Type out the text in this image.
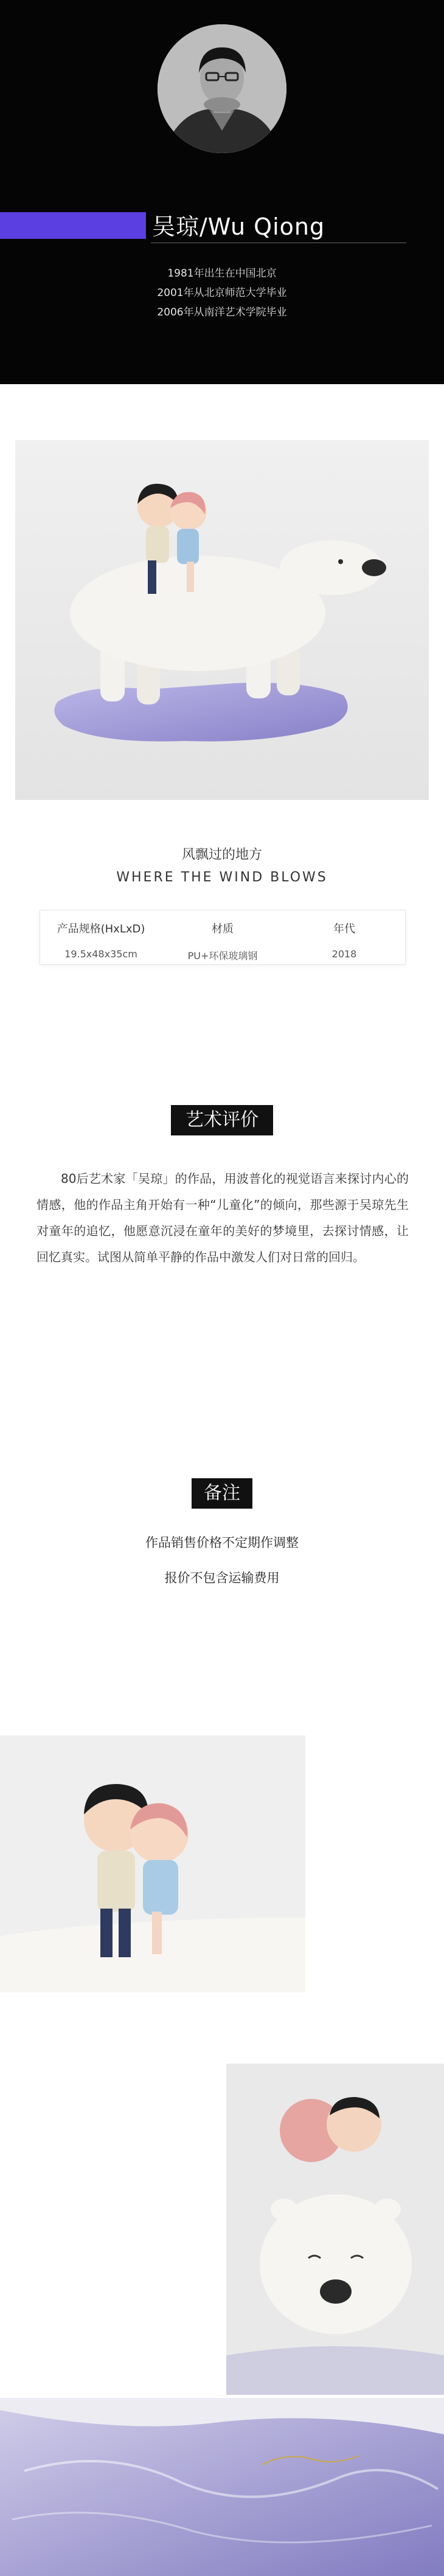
吴琼/Wu Qiong
1981年出生在中国北京
2001年从北京师范大学毕业
2006年从南洋艺术学院毕业
风飘过的地方
WHERE THE WIND BLOWS
产品规格(HxLxD)
19.5x48x35cm
材质
PU+环保玻璃钢
年代
2018
艺术评价
80后艺术家「吴琼」的作品，用波普化的视觉语言来探讨内心的情感，他的作品主角开始有一种“儿童化”的倾向，那些源于吴琼先生对童年的追忆，他愿意沉浸在童年的美好的梦境里，去探讨情感，让回忆真实。试图从简单平静的作品中激发人们对日常的回归。
备注
作品销售价格不定期作调整
报价不包含运输费用
